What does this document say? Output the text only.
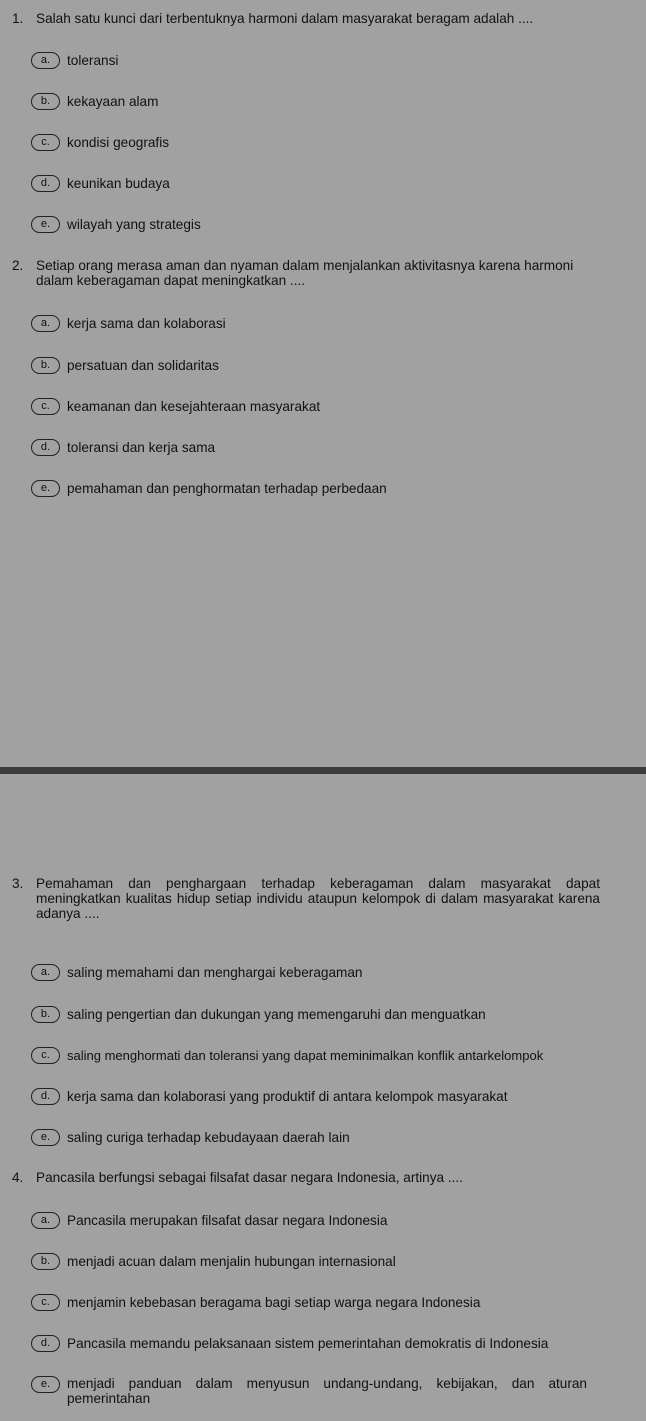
1. Salah satu kunci dari terbentuknya harmoni dalam masyarakat beragam adalah ....
a.	toleransi
b.	kekayaan alam
c.	kondisi geografis
d.	keunikan budaya
e.	wilayah yang strategis
2. Setiap orang merasa aman dan nyaman dalam menjalankan aktivitasnya karena harmoni dalam keberagaman dapat meningkatkan ....
a.	kerja sama dan kolaborasi
b.	persatuan dan solidaritas
c.	keamanan dan kesejahteraan masyarakat
d.	toleransi dan kerja sama
e.	pemahaman dan penghormatan terhadap perbedaan
3. Pemahaman dan penghargaan terhadap keberagaman dalam masyarakat dapat meningkatkan kualitas hidup setiap individu ataupun kelompok di dalam masyarakat karena adanya ....
a.	saling memahami dan menghargai keberagaman
b.	saling pengertian dan dukungan yang memengaruhi dan menguatkan
c.	saling menghormati dan toleransi yang dapat meminimalkan konflik antarkelompok
d.	kerja sama dan kolaborasi yang produktif di antara kelompok masyarakat
e.	saling curiga terhadap kebudayaan daerah lain
4. Pancasila berfungsi sebagai filsafat dasar negara Indonesia, artinya ....
a.	Pancasila merupakan filsafat dasar negara Indonesia
b.	menjadi acuan dalam menjalin hubungan internasional
c.	menjamin kebebasan beragama bagi setiap warga negara Indonesia
d.	Pancasila memandu pelaksanaan sistem pemerintahan demokratis di Indonesia
e.	menjadi panduan dalam menyusun undang-undang, kebijakan, dan aturan pemerintahan
